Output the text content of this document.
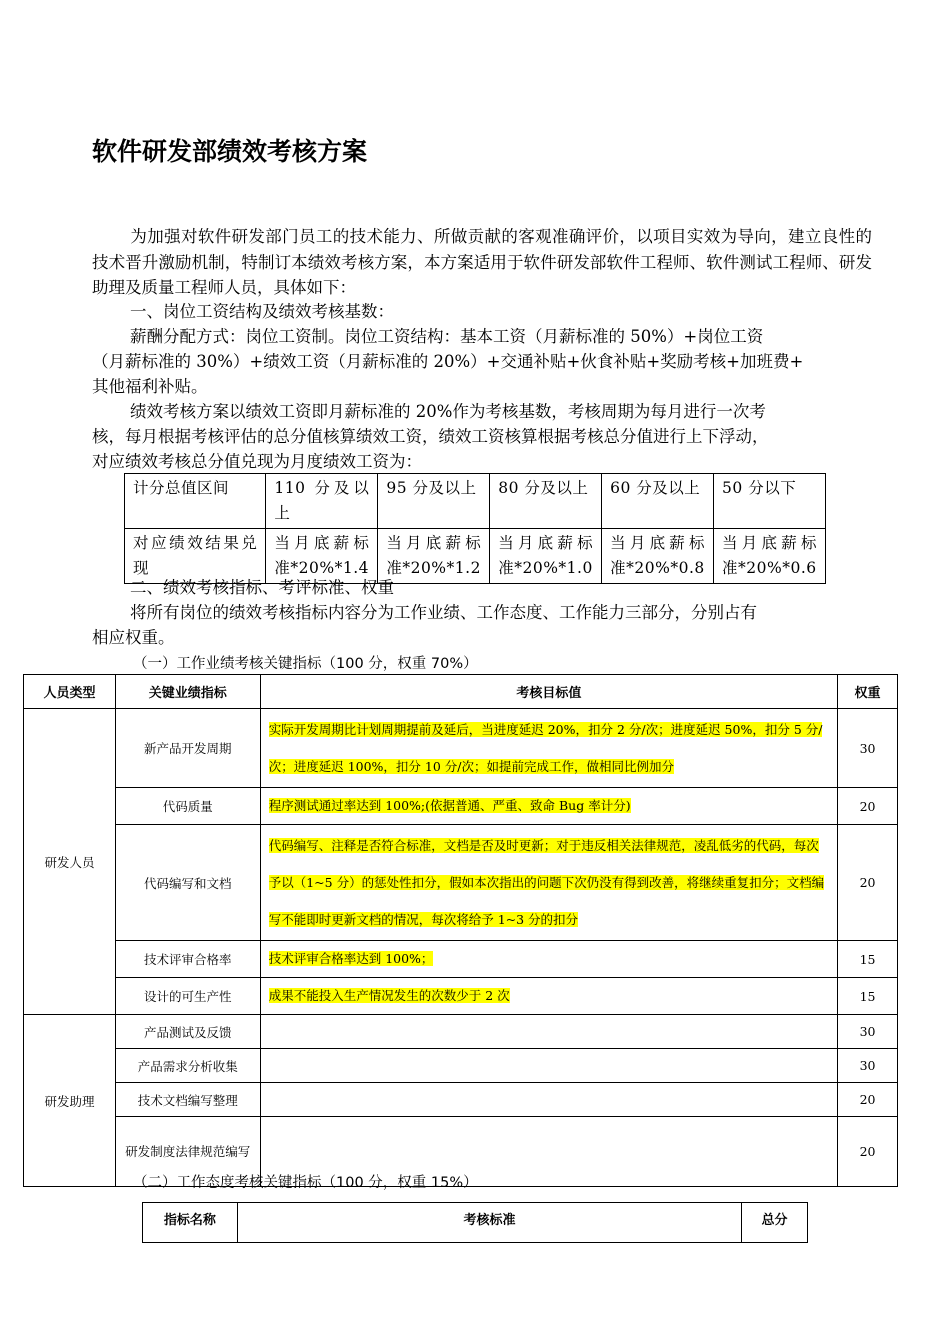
软件研发部绩效考核方案

为加强对软件研发部门员工的技术能力、所做贡献的客观准确评价，以项目实效为导向，建立良性的技术晋升激励机制，特制订本绩效考核方案，本方案适用于软件研发部软件工程师、软件测试工程师、研发助理及质量工程师人员，具体如下：

一、岗位工资结构及绩效考核基数：

薪酬分配方式：岗位工资制。岗位工资结构：基本工资（月薪标准的 50%）+岗位工资

（月薪标准的 30%）+绩效工资（月薪标准的 20%）+交通补贴+伙食补贴+奖励考核+加班费+

其他福利补贴。

绩效考核方案以绩效工资即月薪标准的 20%作为考核基数，考核周期为每月进行一次考

核，每月根据考核评估的总分值核算绩效工资，绩效工资核算根据考核总分值进行上下浮动，

对应绩效考核总分值兑现为月度绩效工资为：

计分总值区间	110 分及以上	95 分及以上	80 分及以上	60 分及以上	50 分以下
对应绩效结果兑现	当月底薪标准*20%*1.4	当月底薪标准*20%*1.2	当月底薪标准*20%*1.0	当月底薪标准*20%*0.8	当月底薪标准*20%*0.6

二、绩效考核指标、考评标准、权重

将所有岗位的绩效考核指标内容分为工作业绩、工作态度、工作能力三部分，分别占有

相应权重。

（一）工作业绩考核关键指标（100 分，权重 70%）

人员类型	关键业绩指标	考核目标值	权重
研发人员	新产品开发周期	实际开发周期比计划周期提前及延后，当进度延迟 20%，扣分 2 分/次；进度延迟 50%，扣分 5 分/次；进度延迟 100%，扣分 10 分/次；如提前完成工作，做相同比例加分	30
	代码质量	程序测试通过率达到 100%;(依据普通、严重、致命 Bug 率计分)	20
	代码编写和文档	代码编写、注释是否符合标准，文档是否及时更新；对于违反相关法律规范，凌乱低劣的代码，每次予以（1~5 分）的惩处性扣分，假如本次指出的问题下次仍没有得到改善，将继续重复扣分；文档编写不能即时更新文档的情况，每次将给予 1~3 分的扣分	20
	技术评审合格率	技术评审合格率达到 100%；	15
	设计的可生产性	成果不能投入生产情况发生的次数少于 2 次	15
研发助理	产品测试及反馈		30
	产品需求分析收集		30
	技术文档编写整理		20
	研发制度法律规范编写		20

（二）工作态度考核关键指标（100 分，权重 15%）

指标名称	考核标准	总分
